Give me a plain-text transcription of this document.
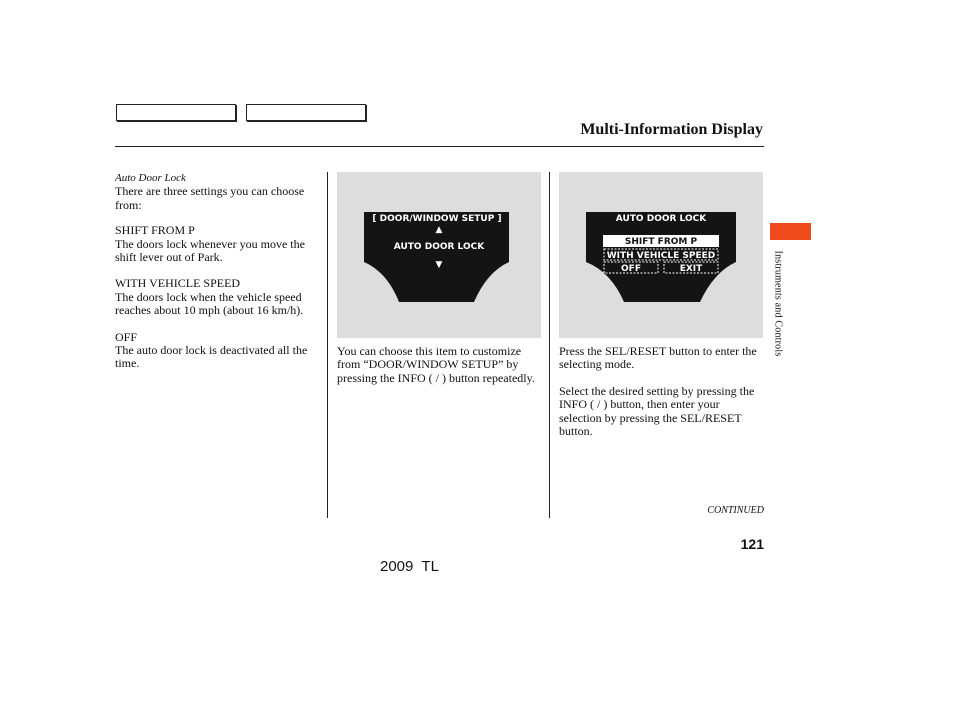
Multi-Information Display

Auto Door Lock

There are three settings you can choose from:

SHIFT FROM P

The doors lock whenever you move the shift lever out of Park.

WITH VEHICLE SPEED

The doors lock when the vehicle speed reaches about 10 mph (about 16 km/h).

OFF

The auto door lock is deactivated all the time.

[ DOOR/WINDOW SETUP ]
▲
AUTO DOOR LOCK
▼
AUTO DOOR LOCK
SHIFT FROM P
WITH VEHICLE SPEED
OFF	EXIT

You can choose this item to customize from “DOOR/WINDOW SETUP” by pressing the INFO ( / ) button repeatedly.

Press the SEL/RESET button to enter the selecting mode.

Select the desired setting by pressing the INFO ( / ) button, then enter your selection by pressing the SEL/RESET button.

Instruments and Controls
CONTINUED
121
2009  TL
